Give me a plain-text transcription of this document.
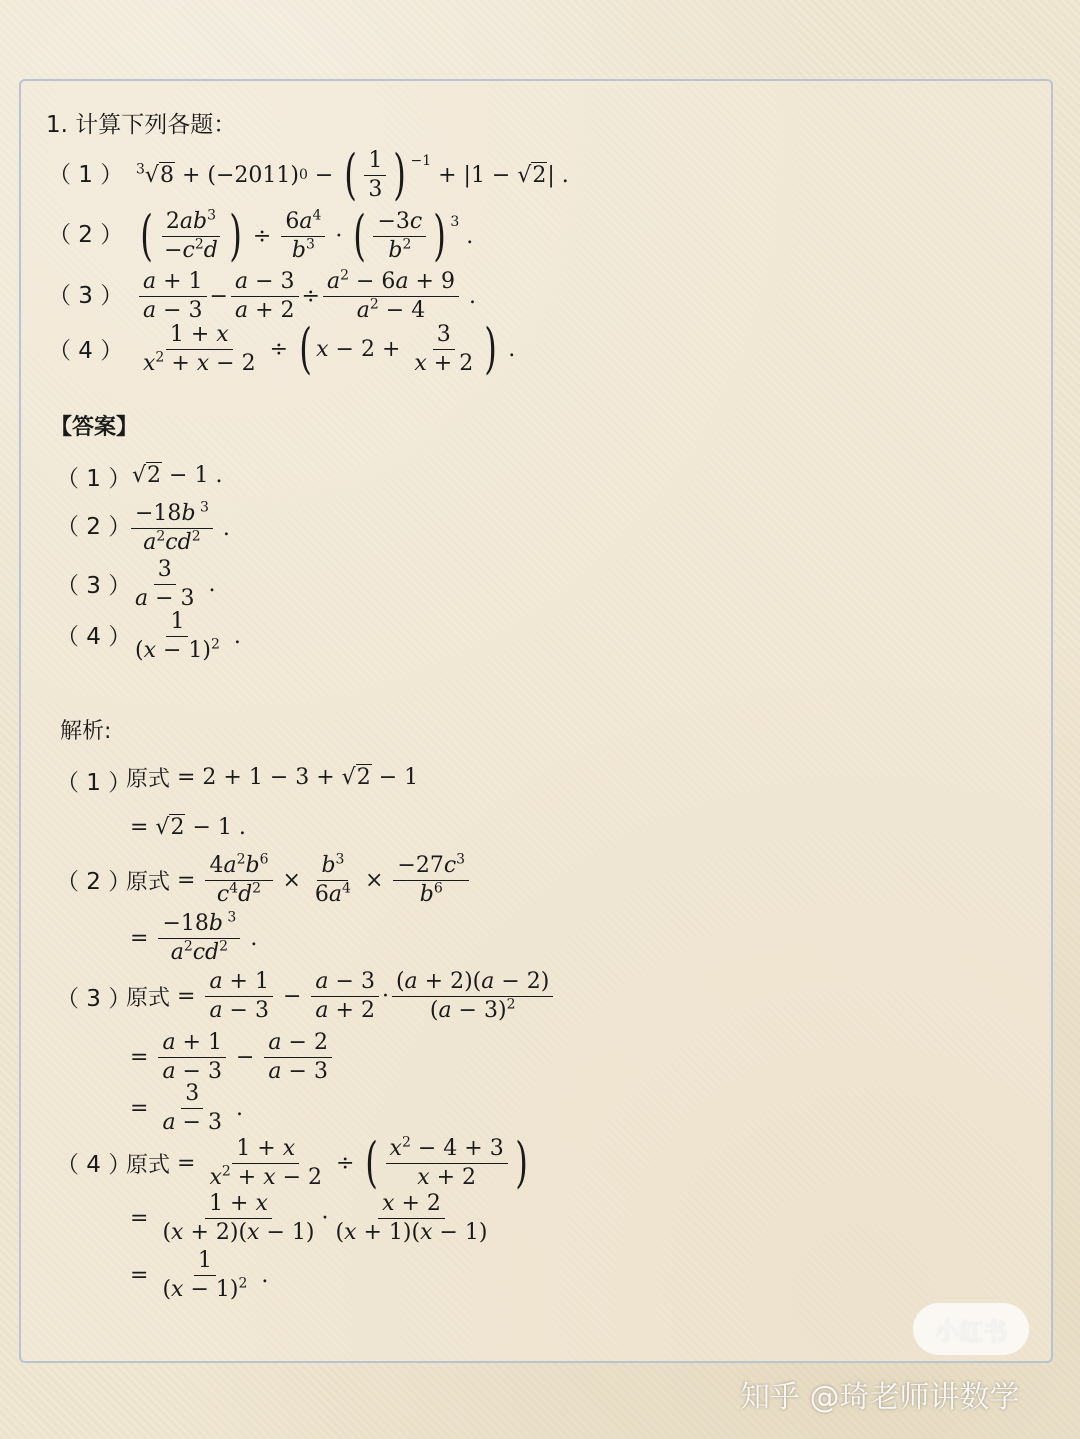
1. 计算下列各题：
（ 1 ） $^3$√8 + (−2011) 0 − ( $\frac{1}{3}$ ) $^{-1}$
+ |1 − √ 2 | .
（ 2 ） ( $\frac{2ab^3}{-c^2d}$ ) ÷ $\frac{6a^4}{b^3}$ · ( $\frac{-3c}{b^2}$ ) $^3$
.
（ 3 ） $\frac{a + 1}{a - 3} - \frac{a - 3}{a + 2} \div \frac{a^2 - 6a + 9}{a^2 - 4}$ .
（ 4 ） $\frac{1 + x}{x^2 + x - 2}$ ÷ ( $x - 2 + \frac{3}{x + 2}$ ) .
【答案】
（ 1 ） √ 2 − 1 .
（ 2 ） $\frac{-18b ^3}{a^2cd^2}$ .
（ 3 ） $\frac{3}{a - 3}$ .
（ 4 ） $\frac{1}{(x - 1)^2}$ .
解析:
（ 1 ）
原式 = 2 + 1 − 3 + √2 − 1
= √ 2 − 1 .
（ 2 ）
原式 = $\frac{4a^2b^6}{c^4d^2} \times \frac{b^3}{6a^4} \times \frac{-27c^3}{b^6}$
= $\frac{-18b ^3}{a^2cd^2}$ .
（ 3 ）
原式 = $\frac{a + 1}{a - 3} - \frac{a - 3}{a + 2} \cdot \frac{(a + 2)(a - 2)}{(a - 3)^2}$
= $\frac{a + 1}{a - 3} - \frac{a - 2}{a - 3}$
= $\frac{3}{a - 3}$ .
（ 4 ）
原式 = $\frac{1 + x}{x^2 + x - 2}$ ÷ ( $\frac{x^2 - 4 + 3}{x + 2}$ )
= $\frac{1 + x}{(x + 2)(x - 1)} \cdot \frac{x + 2}{(x + 1)(x - 1)}$
= $\frac{1}{(x - 1)^2}$ .
小红书
知乎 @琦老师讲数学
